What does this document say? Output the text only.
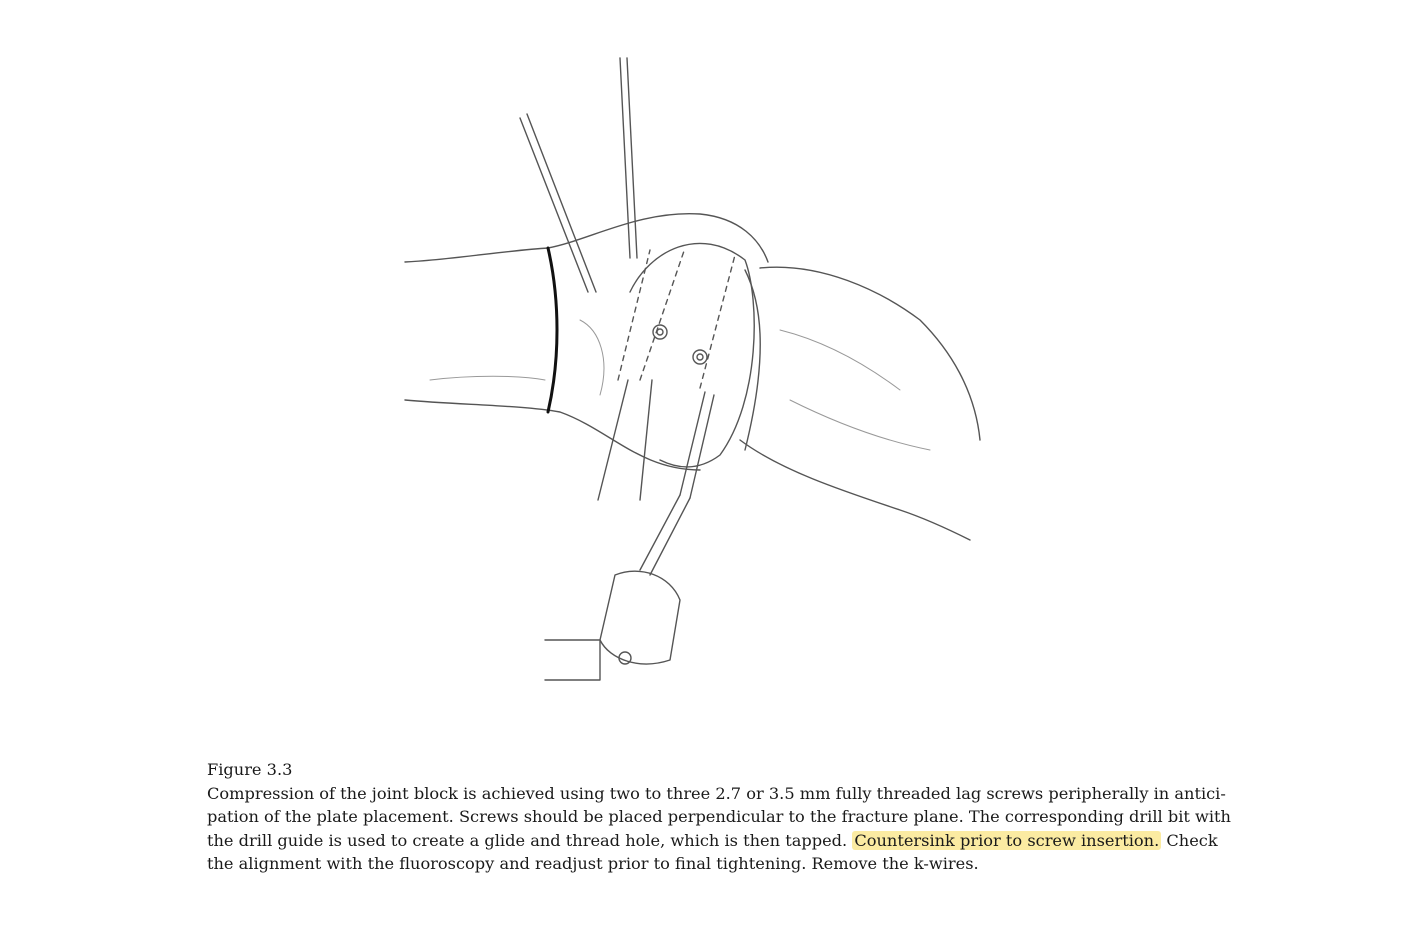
Figure 3.3
Compression of the joint block is achieved using two to three 2.7 or 3.5 mm fully threaded lag screws peripherally in antici-
pation of the plate placement. Screws should be placed perpendicular to the fracture plane. The corresponding drill bit with
the drill guide is used to create a glide and thread hole, which is then tapped. Countersink prior to screw insertion. Check
the alignment with the fluoroscopy and readjust prior to final tightening. Remove the k-wires.
